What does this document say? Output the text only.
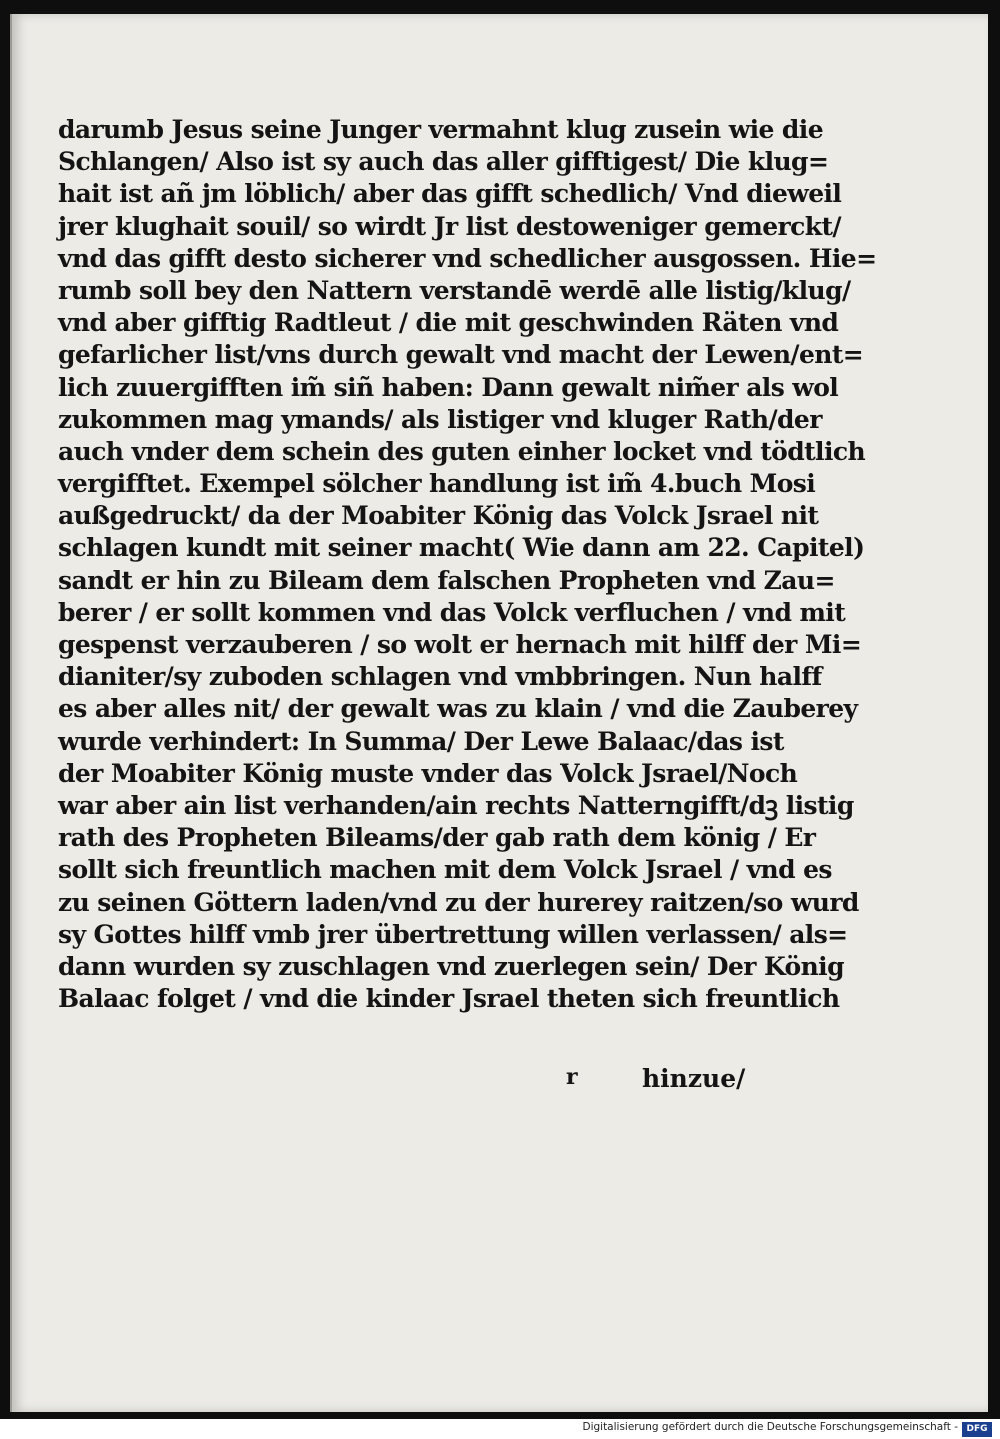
darumb Jesus seine Junger vermahnt klug zusein wie die
Schlangen/ Also ist sy auch das aller gifftigest/ Die klug=
hait ist añ jm löblich/ aber das gifft schedlich/ Vnd dieweil
jrer klughait souil/ so wirdt Jr list destoweniger gemerckt/
vnd das gifft desto sicherer vnd schedlicher ausgossen. Hie=
rumb soll bey den Nattern verstandē werdē alle listig/klug/
vnd aber gifftig Radtleut / die mit geschwinden Räten vnd
gefarlicher list/vns durch gewalt vnd macht der Lewen/ent=
lich zuuergifften im̃ siñ haben: Dann gewalt nim̃er als wol
zukommen mag ymands/ als listiger vnd kluger Rath/der
auch vnder dem schein des guten einher locket vnd tödtlich
vergifftet. Exempel sölcher handlung ist im̃ 4.buch Mosi
außgedruckt/ da der Moabiter König das Volck Jsrael nit
schlagen kundt mit seiner macht( Wie dann am 22. Capitel)
sandt er hin zu Bileam dem falschen Propheten vnd Zau=
berer / er sollt kommen vnd das Volck verfluchen / vnd mit
gespenst verzauberen / so wolt er hernach mit hilff der Mi=
dianiter/sy zuboden schlagen vnd vmbbringen. Nun halff
es aber alles nit/ der gewalt was zu klain / vnd die Zauberey
wurde verhindert: In Summa/ Der Lewe Balaac/das ist
der Moabiter König muste vnder das Volck Jsrael/Noch
war aber ain list verhanden/ain rechts Natterngifft/dꝫ listig
rath des Propheten Bileams/der gab rath dem könig / Er
sollt sich freuntlich machen mit dem Volck Jsrael / vnd es
zu seinen Göttern laden/vnd zu der hurerey raitzen/so wurd
sy Gottes hilff vmb jrer übertrettung willen verlassen/ als=
dann wurden sy zuschlagen vnd zuerlegen sein/ Der König
Balaac folget / vnd die kinder Jsrael theten sich freuntlich
r	hinzue/
Digitalisierung gefördert durch die Deutsche Forschungsgemeinschaft - DFG
